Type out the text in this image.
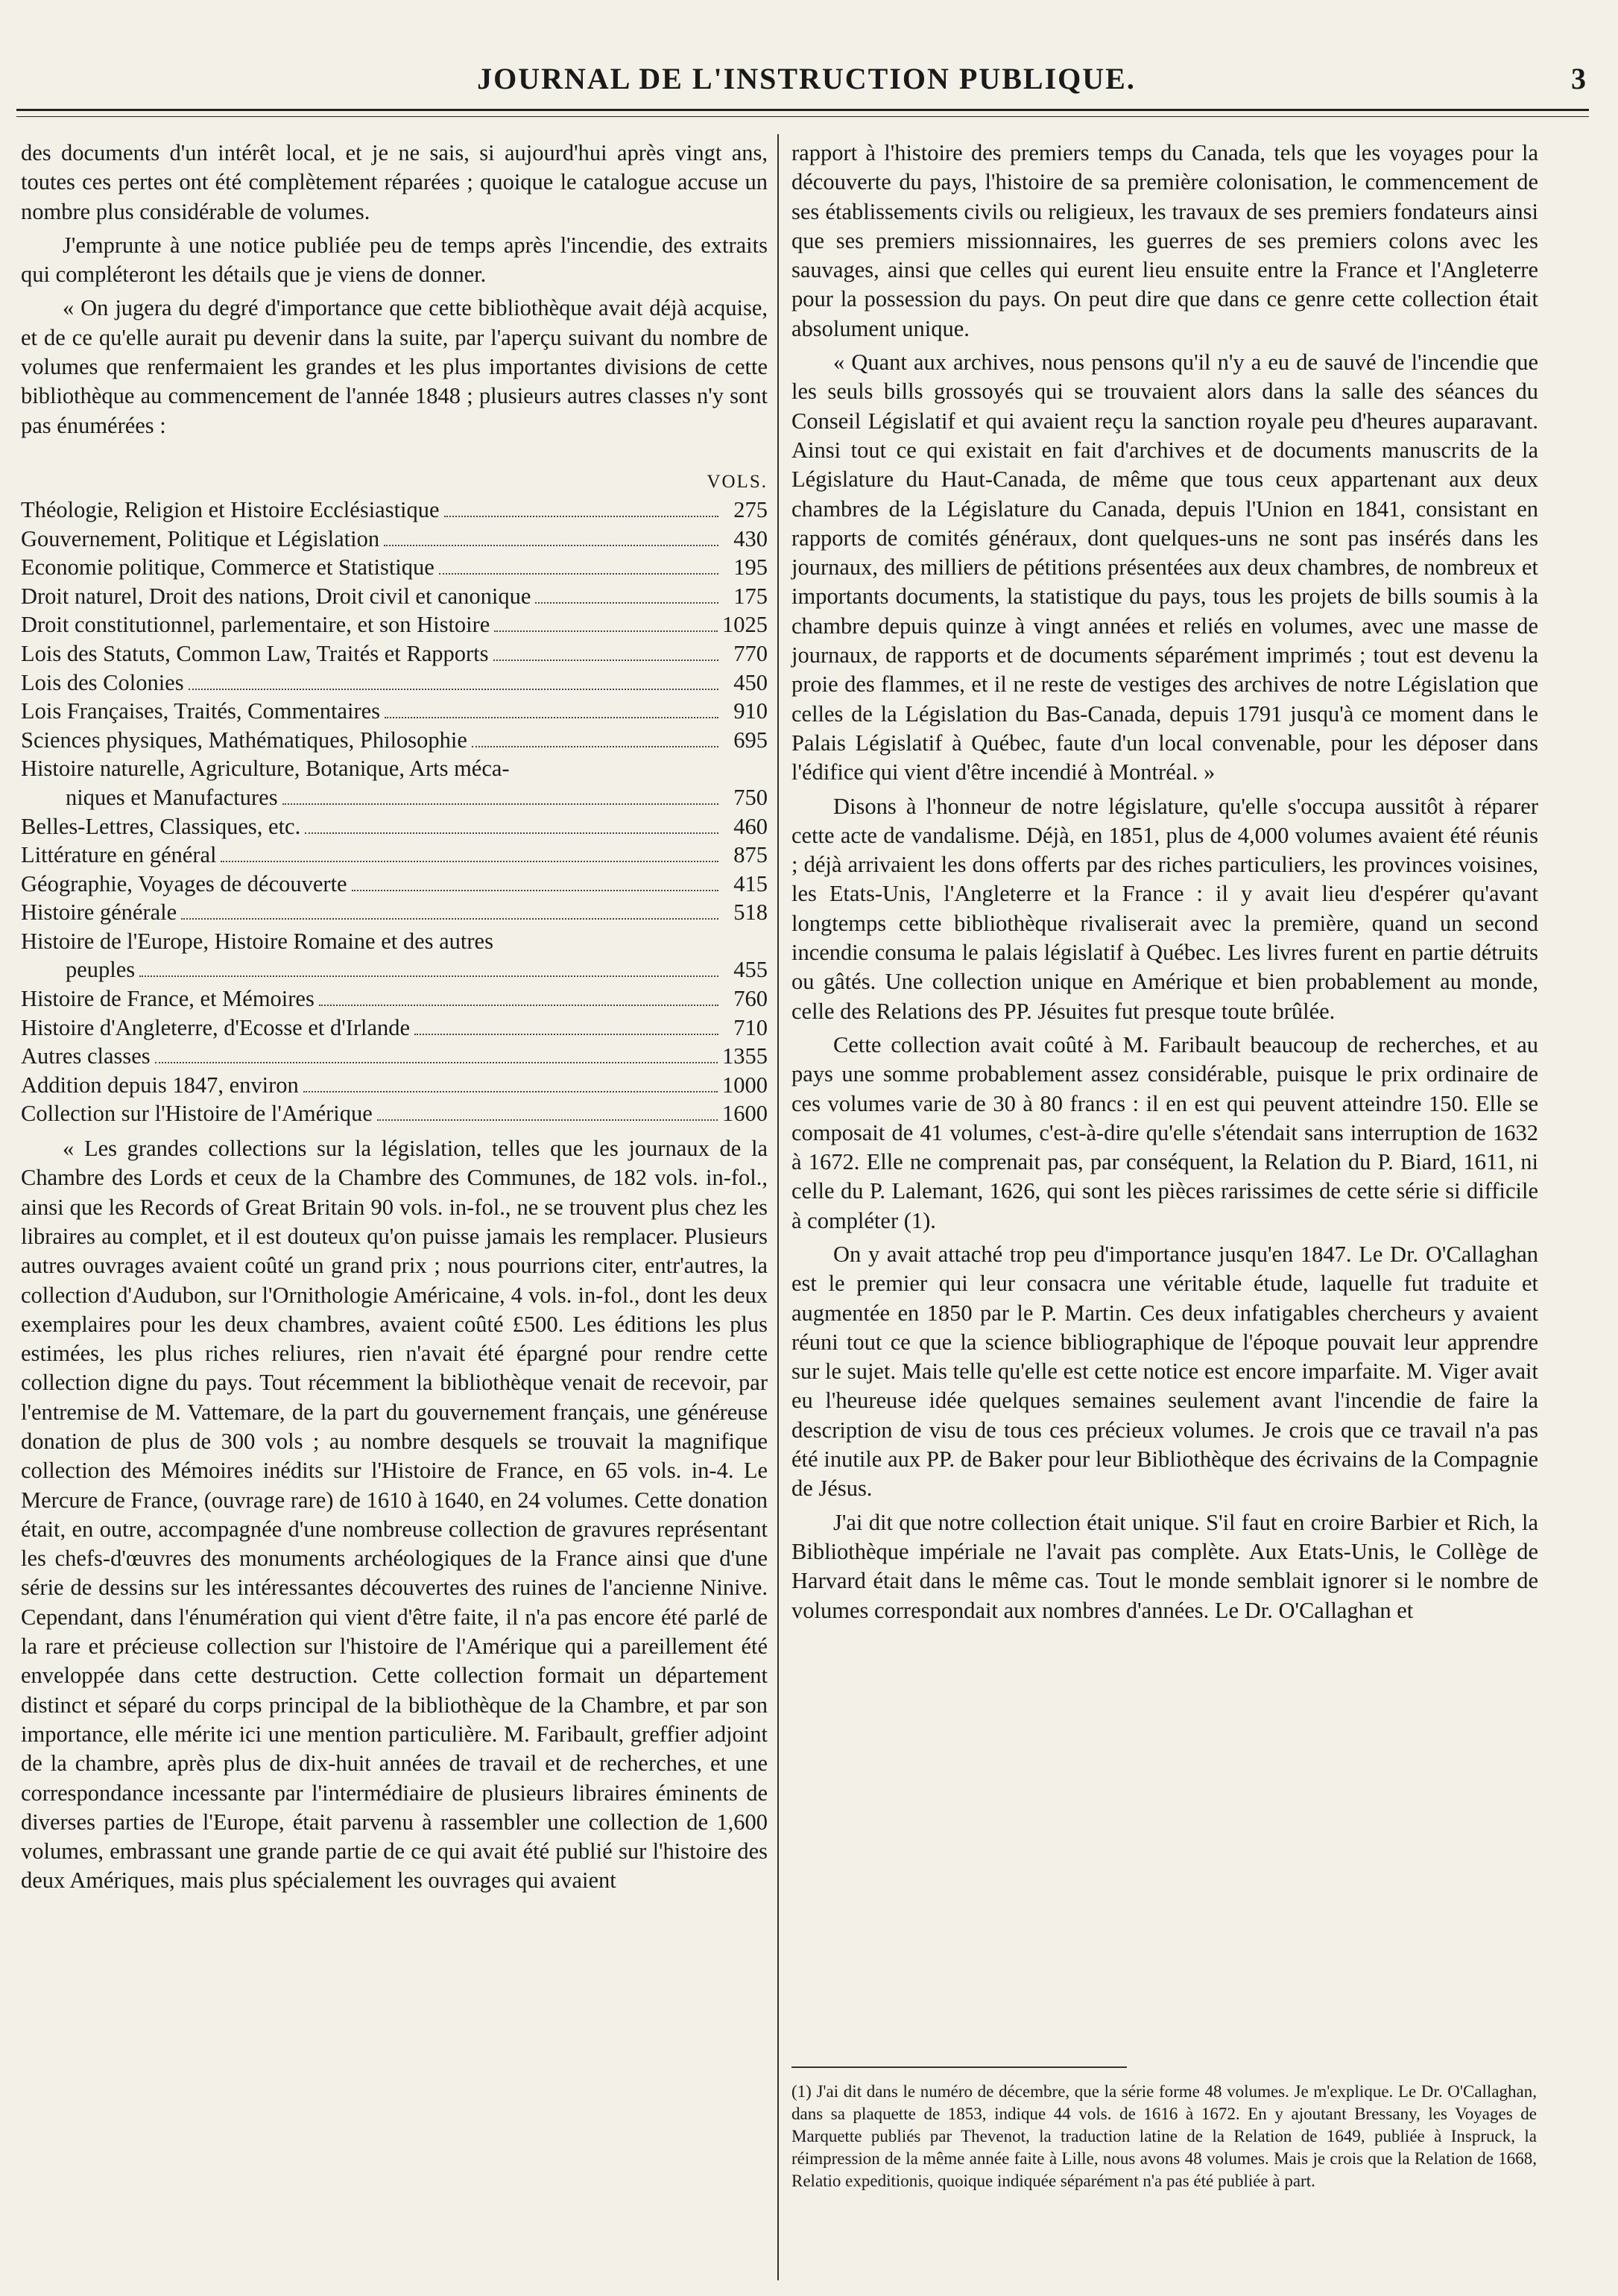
JOURNAL DE L'INSTRUCTION PUBLIQUE.	3

des documents d'un intérêt local, et je ne sais, si aujourd'hui après vingt ans, toutes ces pertes ont été complètement réparées ; quoique le catalogue accuse un nombre plus considérable de volumes.

J'emprunte à une notice publiée peu de temps après l'incendie, des extraits qui compléteront les détails que je viens de donner.

« On jugera du degré d'importance que cette bibliothèque avait déjà acquise, et de ce qu'elle aurait pu devenir dans la suite, par l'aperçu suivant du nombre de volumes que renfermaient les grandes et les plus importantes divisions de cette bibliothèque au commencement de l'année 1848 ; plusieurs autres classes n'y sont pas énumérées :

VOLS.
Théologie, Religion et Histoire Ecclésiastique	275
Gouvernement, Politique et Législation	430
Economie politique, Commerce et Statistique	195
Droit naturel, Droit des nations, Droit civil et canonique	175
Droit constitutionnel, parlementaire, et son Histoire	1025
Lois des Statuts, Common Law, Traités et Rapports	770
Lois des Colonies	450
Lois Françaises, Traités, Commentaires	910
Sciences physiques, Mathématiques, Philosophie	695
Histoire naturelle, Agriculture, Botanique, Arts méca-
niques et Manufactures	750
Belles-Lettres, Classiques, etc.	460
Littérature en général	875
Géographie, Voyages de découverte	415
Histoire générale	518
Histoire de l'Europe, Histoire Romaine et des autres
peuples	455
Histoire de France, et Mémoires	760
Histoire d'Angleterre, d'Ecosse et d'Irlande	710
Autres classes	1355
Addition depuis 1847, environ	1000
Collection sur l'Histoire de l'Amérique	1600

« Les grandes collections sur la législation, telles que les journaux de la Chambre des Lords et ceux de la Chambre des Communes, de 182 vols. in-fol., ainsi que les Records of Great Britain 90 vols. in-fol., ne se trouvent plus chez les libraires au complet, et il est douteux qu'on puisse jamais les remplacer. Plusieurs autres ouvrages avaient coûté un grand prix ; nous pourrions citer, entr'autres, la collection d'Audubon, sur l'Ornithologie Américaine, 4 vols. in-fol., dont les deux exemplaires pour les deux chambres, avaient coûté £500. Les éditions les plus estimées, les plus riches reliures, rien n'avait été épargné pour rendre cette collection digne du pays. Tout récemment la bibliothèque venait de recevoir, par l'entremise de M. Vattemare, de la part du gouvernement français, une généreuse donation de plus de 300 vols ; au nombre desquels se trouvait la magnifique collection des Mémoires inédits sur l'Histoire de France, en 65 vols. in-4. Le Mercure de France, (ouvrage rare) de 1610 à 1640, en 24 volumes. Cette donation était, en outre, accompagnée d'une nombreuse collection de gravures représentant les chefs-d'œuvres des monuments archéologiques de la France ainsi que d'une série de dessins sur les intéressantes découvertes des ruines de l'ancienne Ninive. Cependant, dans l'énumération qui vient d'être faite, il n'a pas encore été parlé de la rare et précieuse collection sur l'histoire de l'Amérique qui a pareillement été enveloppée dans cette destruction. Cette collection formait un département distinct et séparé du corps principal de la bibliothèque de la Chambre, et par son importance, elle mérite ici une mention particulière. M. Faribault, greffier adjoint de la chambre, après plus de dix-huit années de travail et de recherches, et une correspondance incessante par l'intermédiaire de plusieurs libraires éminents de diverses parties de l'Europe, était parvenu à rassembler une collection de 1,600 volumes, embrassant une grande partie de ce qui avait été publié sur l'histoire des deux Amériques, mais plus spécialement les ouvrages qui avaient

rapport à l'histoire des premiers temps du Canada, tels que les voyages pour la découverte du pays, l'histoire de sa première colonisation, le commencement de ses établissements civils ou religieux, les travaux de ses premiers fondateurs ainsi que ses premiers missionnaires, les guerres de ses premiers colons avec les sauvages, ainsi que celles qui eurent lieu ensuite entre la France et l'Angleterre pour la possession du pays. On peut dire que dans ce genre cette collection était absolument unique.

« Quant aux archives, nous pensons qu'il n'y a eu de sauvé de l'incendie que les seuls bills grossoyés qui se trouvaient alors dans la salle des séances du Conseil Législatif et qui avaient reçu la sanction royale peu d'heures auparavant. Ainsi tout ce qui existait en fait d'archives et de documents manuscrits de la Législature du Haut-Canada, de même que tous ceux appartenant aux deux chambres de la Législature du Canada, depuis l'Union en 1841, consistant en rapports de comités généraux, dont quelques-uns ne sont pas insérés dans les journaux, des milliers de pétitions présentées aux deux chambres, de nombreux et importants documents, la statistique du pays, tous les projets de bills soumis à la chambre depuis quinze à vingt années et reliés en volumes, avec une masse de journaux, de rapports et de documents séparément imprimés ; tout est devenu la proie des flammes, et il ne reste de vestiges des archives de notre Législation que celles de la Législation du Bas-Canada, depuis 1791 jusqu'à ce moment dans le Palais Législatif à Québec, faute d'un local convenable, pour les déposer dans l'édifice qui vient d'être incendié à Montréal. »

Disons à l'honneur de notre législature, qu'elle s'occupa aussitôt à réparer cette acte de vandalisme. Déjà, en 1851, plus de 4,000 volumes avaient été réunis ; déjà arrivaient les dons offerts par des riches particuliers, les provinces voisines, les Etats-Unis, l'Angleterre et la France : il y avait lieu d'espérer qu'avant longtemps cette bibliothèque rivaliserait avec la première, quand un second incendie consuma le palais législatif à Québec. Les livres furent en partie détruits ou gâtés. Une collection unique en Amérique et bien probablement au monde, celle des Relations des PP. Jésuites fut presque toute brûlée.

Cette collection avait coûté à M. Faribault beaucoup de recherches, et au pays une somme probablement assez considérable, puisque le prix ordinaire de ces volumes varie de 30 à 80 francs : il en est qui peuvent atteindre 150. Elle se composait de 41 volumes, c'est-à-dire qu'elle s'étendait sans interruption de 1632 à 1672. Elle ne comprenait pas, par conséquent, la Relation du P. Biard, 1611, ni celle du P. Lalemant, 1626, qui sont les pièces rarissimes de cette série si difficile à compléter (1).

On y avait attaché trop peu d'importance jusqu'en 1847. Le Dr. O'Callaghan est le premier qui leur consacra une véritable étude, laquelle fut traduite et augmentée en 1850 par le P. Martin. Ces deux infatigables chercheurs y avaient réuni tout ce que la science bibliographique de l'époque pouvait leur apprendre sur le sujet. Mais telle qu'elle est cette notice est encore imparfaite. M. Viger avait eu l'heureuse idée quelques semaines seulement avant l'incendie de faire la description de visu de tous ces précieux volumes. Je crois que ce travail n'a pas été inutile aux PP. de Baker pour leur Bibliothèque des écrivains de la Compagnie de Jésus.

J'ai dit que notre collection était unique. S'il faut en croire Barbier et Rich, la Bibliothèque impériale ne l'avait pas complète. Aux Etats-Unis, le Collège de Harvard était dans le même cas. Tout le monde semblait ignorer si le nombre de volumes correspondait aux nombres d'années. Le Dr. O'Callaghan et

(1) J'ai dit dans le numéro de décembre, que la série forme 48 volumes. Je m'explique. Le Dr. O'Callaghan, dans sa plaquette de 1853, indique 44 vols. de 1616 à 1672. En y ajoutant Bressany, les Voyages de Marquette publiés par Thevenot, la traduction latine de la Relation de 1649, publiée à Inspruck, la réimpression de la même année faite à Lille, nous avons 48 volumes. Mais je crois que la Relation de 1668, Relatio expeditionis, quoique indiquée séparément n'a pas été publiée à part.
